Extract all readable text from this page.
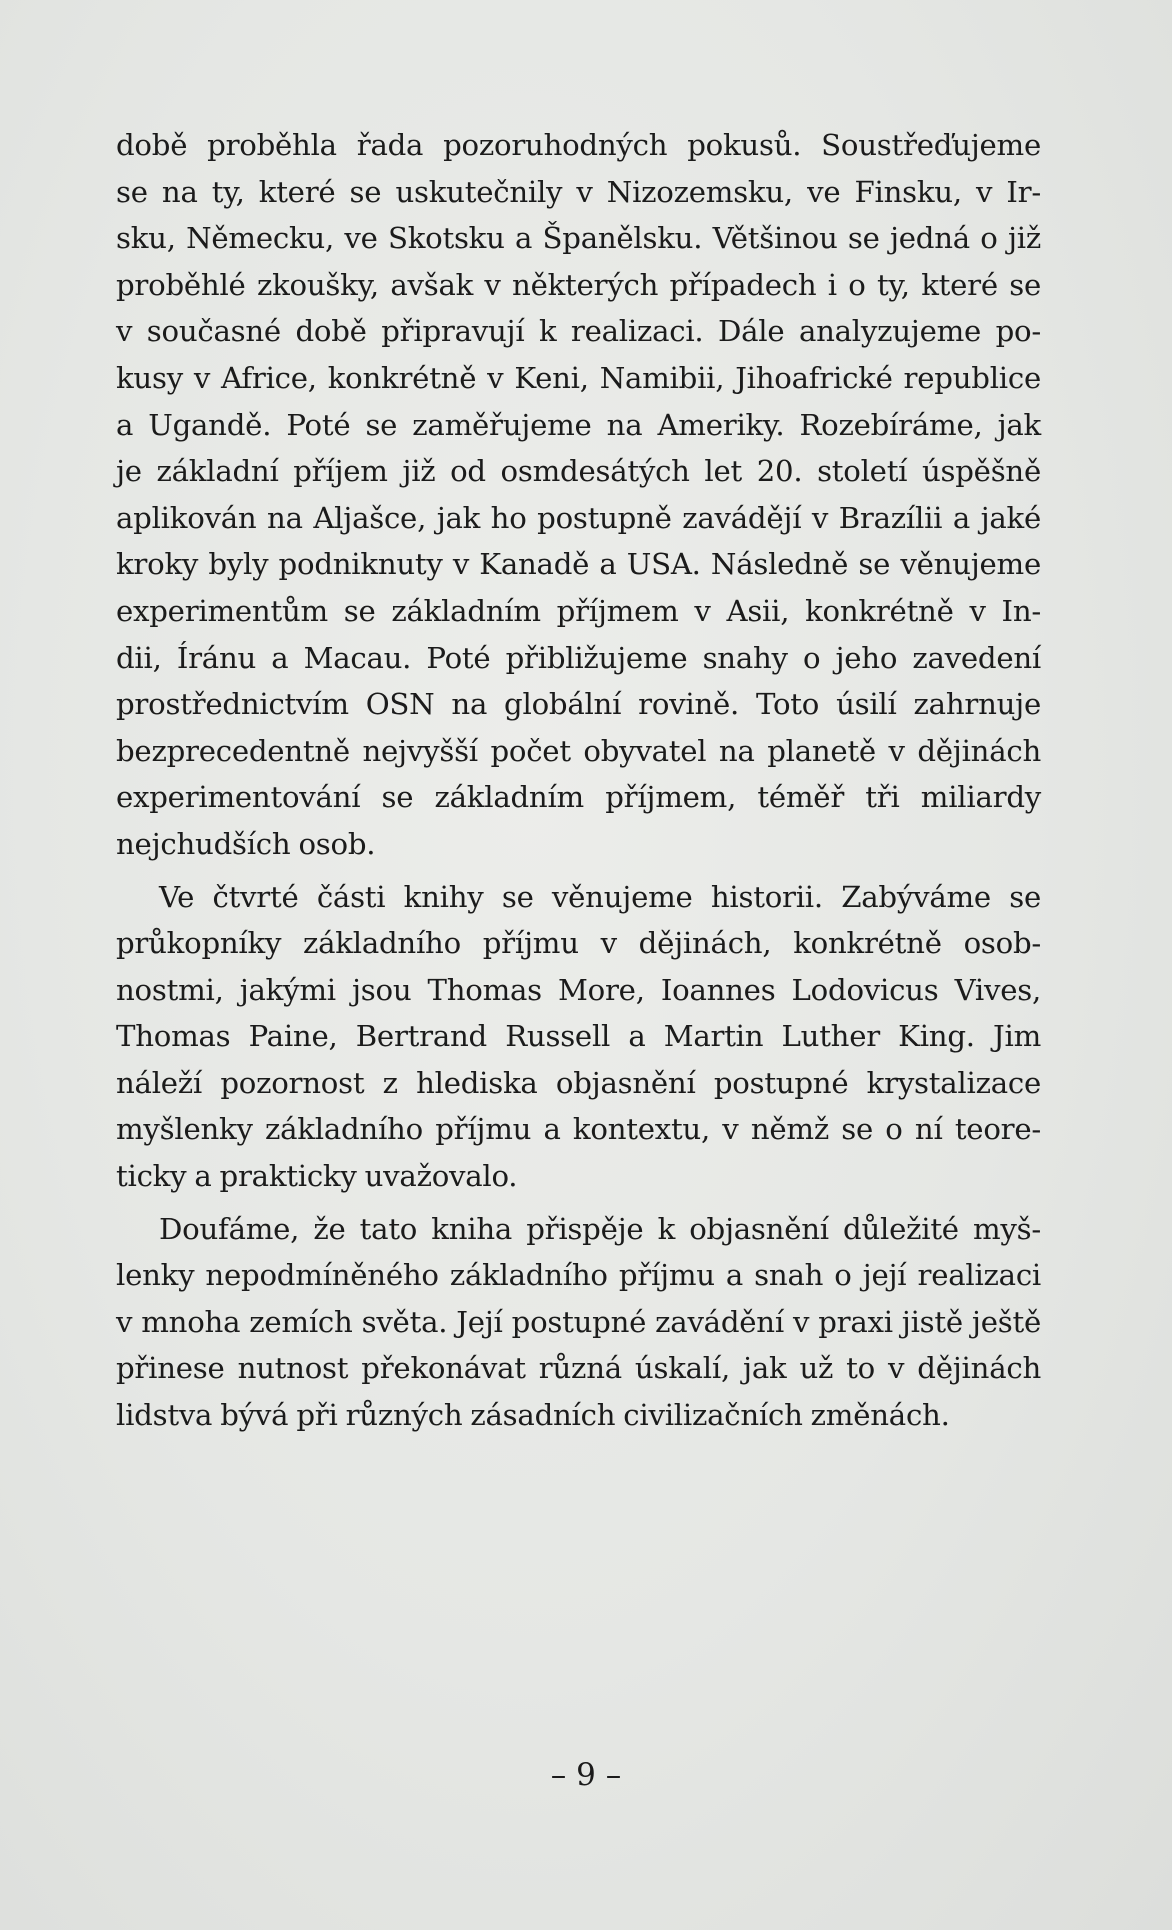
době proběhla řada pozoruhodných pokusů. Soustřeďujeme
se na ty, které se uskutečnily v Nizozemsku, ve Finsku, v Ir-
sku, Německu, ve Skotsku a Španělsku. Většinou se jedná o již
proběhlé zkoušky, avšak v některých případech i o ty, které se
v současné době připravují k realizaci. Dále analyzujeme po-
kusy v Africe, konkrétně v Keni, Namibii, Jihoafrické republice
a Ugandě. Poté se zaměřujeme na Ameriky. Rozebíráme, jak
je základní příjem již od osmdesátých let 20. století úspěšně
aplikován na Aljašce, jak ho postupně zavádějí v Brazílii a jaké
kroky byly podniknuty v Kanadě a USA. Následně se věnujeme
experimentům se základním příjmem v Asii, konkrétně v In-
dii, Íránu a Macau. Poté přibližujeme snahy o jeho zavedení
prostřednictvím OSN na globální rovině. Toto úsilí zahrnuje
bezprecedentně nejvyšší počet obyvatel na planetě v dějinách
experimentování se základním příjmem, téměř tři miliardy
nejchudších osob.
Ve čtvrté části knihy se věnujeme historii. Zabýváme se
průkopníky základního příjmu v dějinách, konkrétně osob-
nostmi, jakými jsou Thomas More, Ioannes Lodovicus Vives,
Thomas Paine, Bertrand Russell a Martin Luther King. Jim
náleží pozornost z hlediska objasnění postupné krystalizace
myšlenky základního příjmu a kontextu, v němž se o ní teore-
ticky a prakticky uvažovalo.
Doufáme, že tato kniha přispěje k objasnění důležité myš-
lenky nepodmíněného základního příjmu a snah o její realizaci
v mnoha zemích světa. Její postupné zavádění v praxi jistě ještě
přinese nutnost překonávat různá úskalí, jak už to v dějinách
lidstva bývá při různých zásadních civilizačních změnách.
– 9 –
